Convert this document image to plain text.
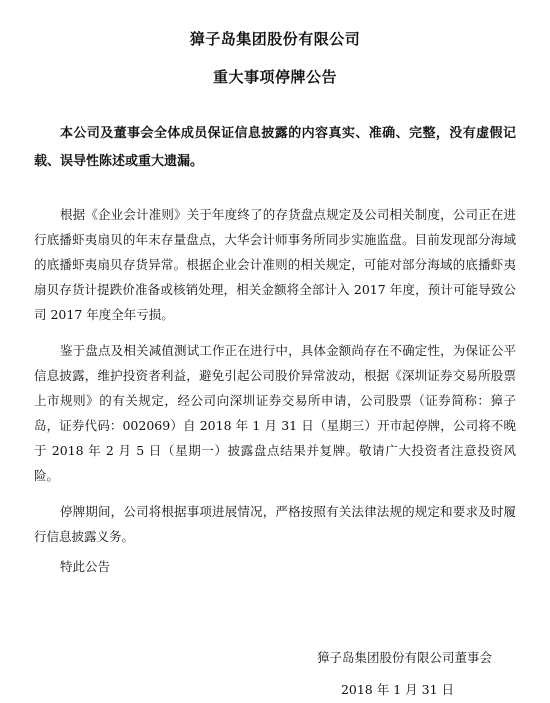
獐子岛集团股份有限公司
重大事项停牌公告

本公司及董事会全体成员保证信息披露的内容真实、准确、完整，没有虚假记载、误导性陈述或重大遗漏。

根据《企业会计准则》关于年度终了的存货盘点规定及公司相关制度，公司正在进行底播虾夷扇贝的年末存量盘点，大华会计师事务所同步实施监盘。目前发现部分海域的底播虾夷扇贝存货异常。根据企业会计准则的相关规定，可能对部分海域的底播虾夷扇贝存货计提跌价准备或核销处理，相关金额将全部计入 2017 年度，预计可能导致公司 2017 年度全年亏损。

鉴于盘点及相关减值测试工作正在进行中，具体金额尚存在不确定性，为保证公平信息披露，维护投资者利益，避免引起公司股价异常波动，根据《深圳证券交易所股票上市规则》的有关规定，经公司向深圳证券交易所申请，公司股票（证券简称：獐子岛，证券代码：002069）自 2018 年 1 月 31 日（星期三）开市起停牌，公司将不晚于 2018 年 2 月 5 日（星期一）披露盘点结果并复牌。敬请广大投资者注意投资风险。

停牌期间，公司将根据事项进展情况，严格按照有关法律法规的规定和要求及时履行信息披露义务。

特此公告

獐子岛集团股份有限公司董事会

2018 年 1 月 31 日
